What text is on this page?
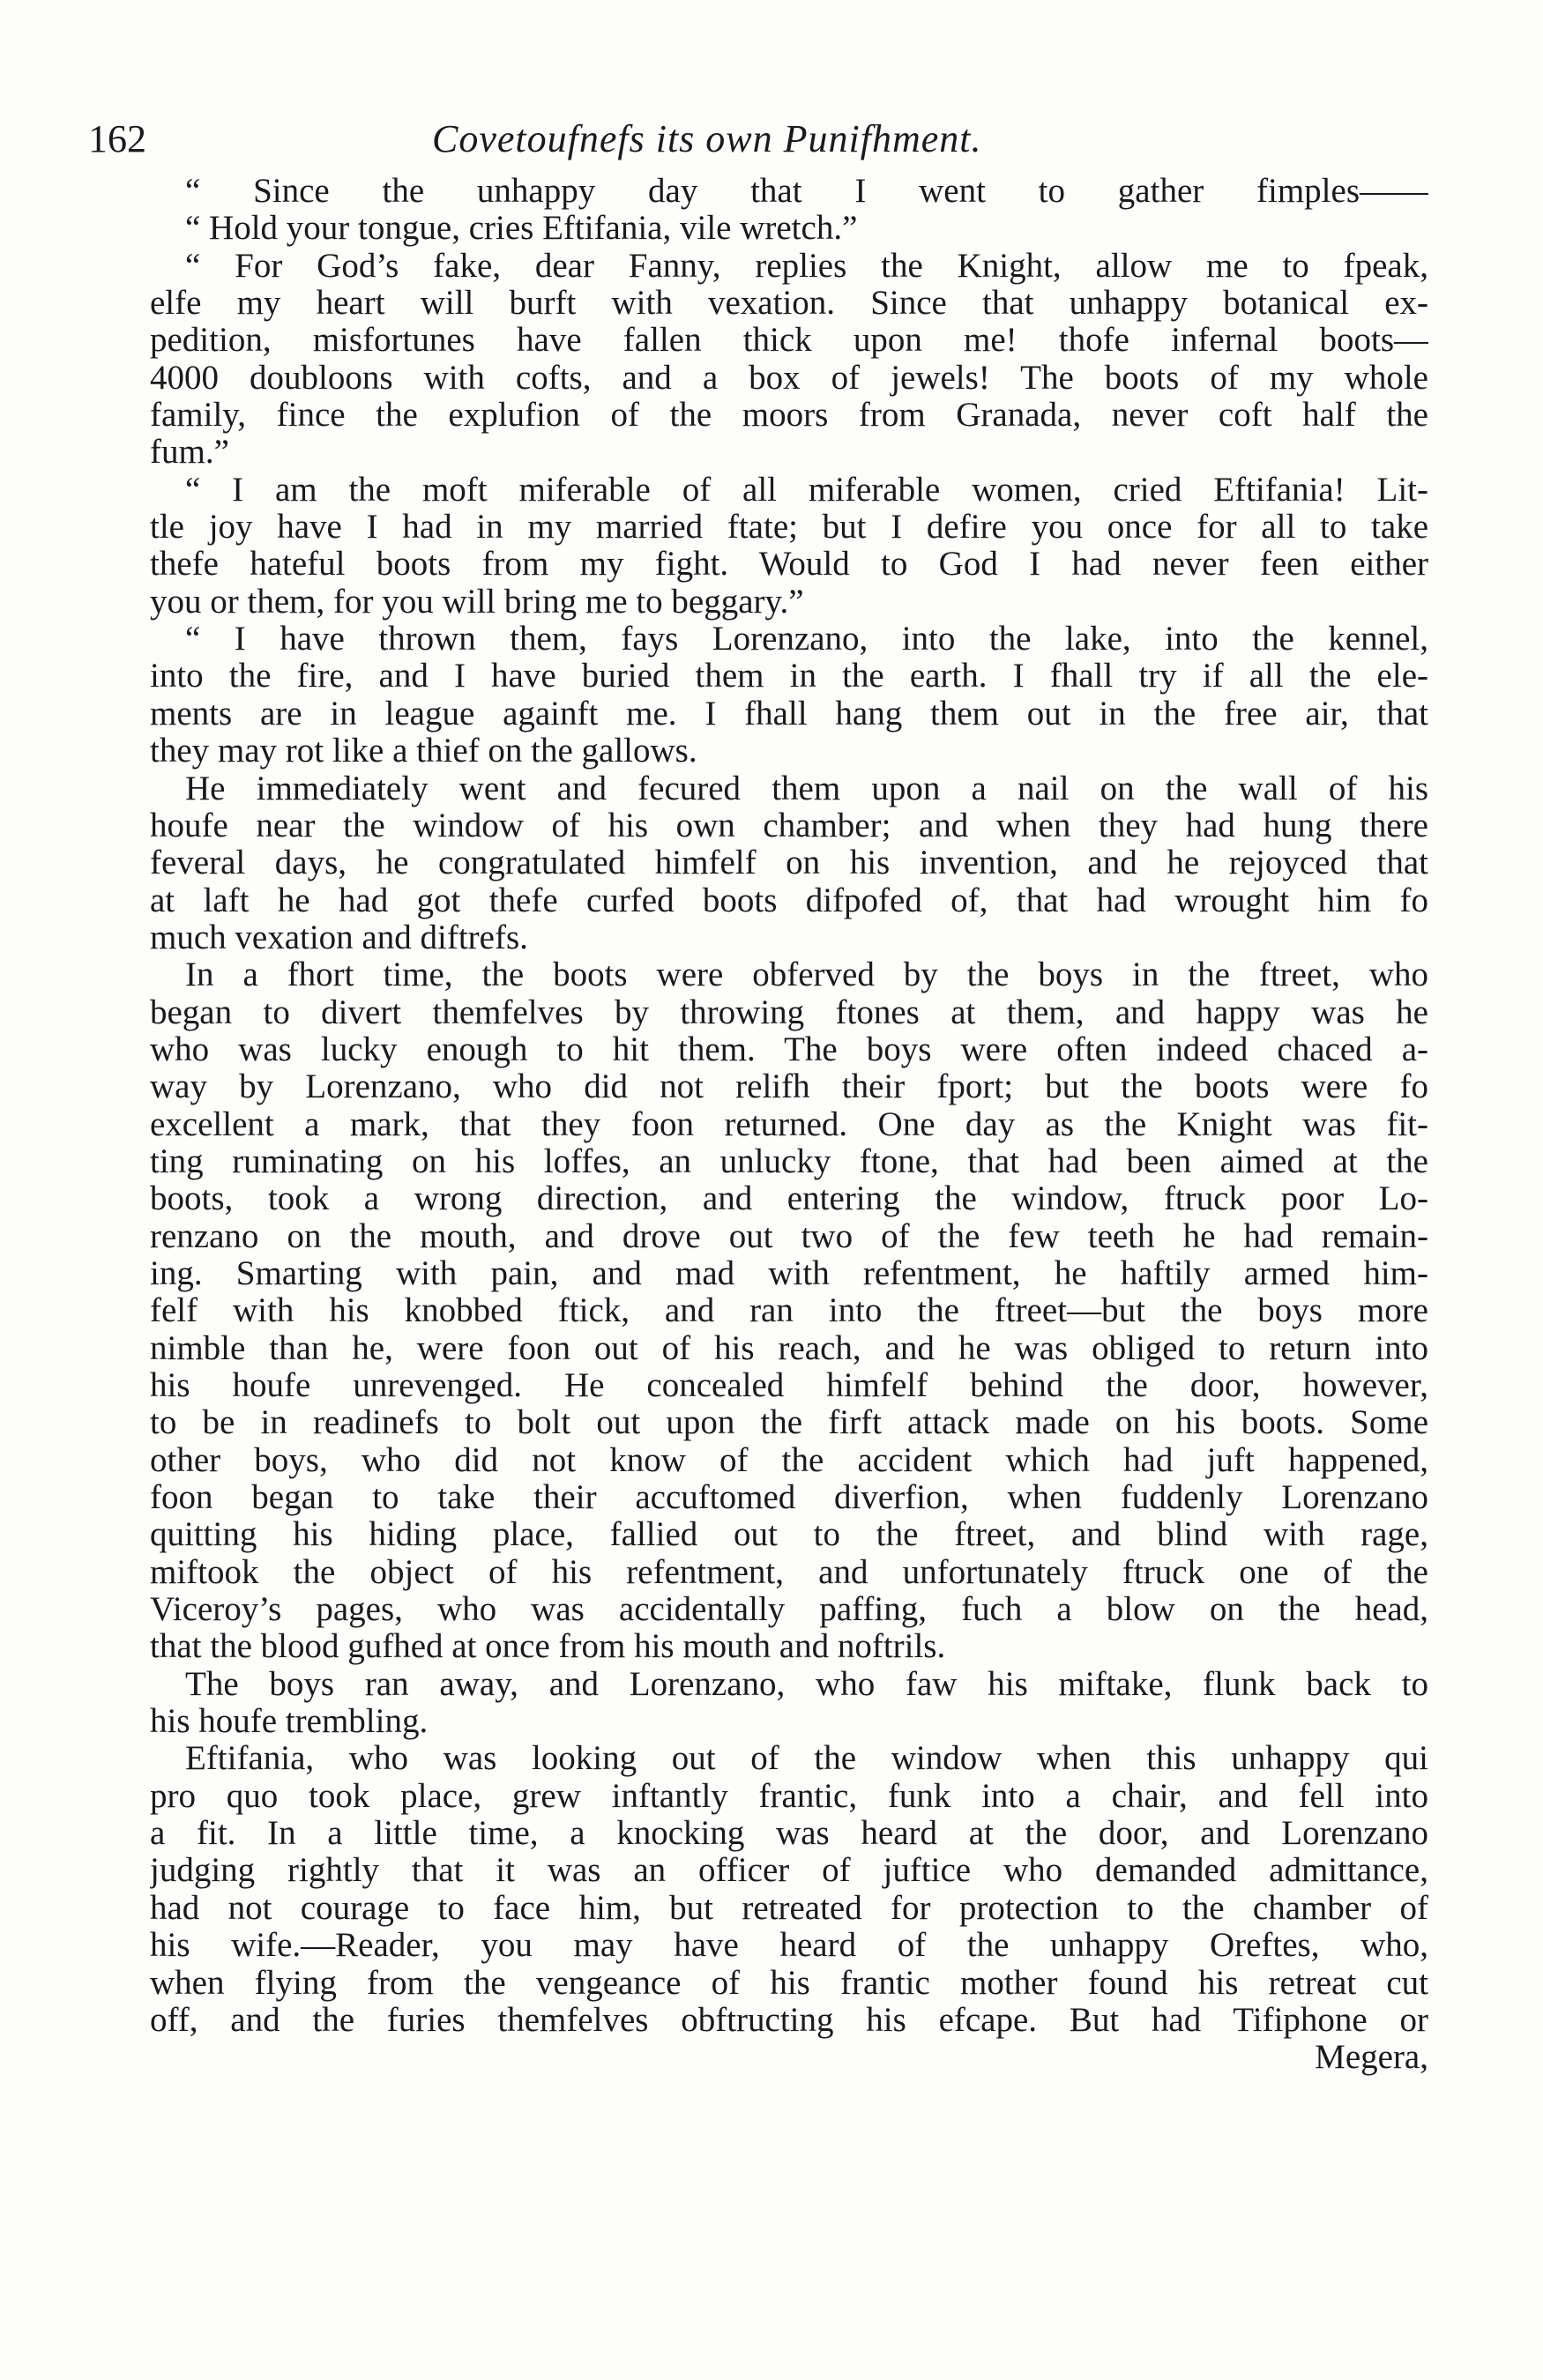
162	Covetoufnefs its own Punifhment.
“ Since the unhappy day that I went to gather fimples——
“ Hold your tongue, cries Eftifania, vile wretch.”
“ For God’s fake, dear Fanny, replies the Knight, allow me to fpeak,
elfe my heart will burft with vexation. Since that unhappy botanical ex-
pedition, misfortunes have fallen thick upon me! thofe infernal boots—
4000 doubloons with cofts, and a box of jewels! The boots of my whole
family, fince the explufion of the moors from Granada, never coft half the
fum.”
“ I am the moft miferable of all miferable women, cried Eftifania! Lit-
tle joy have I had in my married ftate; but I defire you once for all to take
thefe hateful boots from my fight. Would to God I had never feen either
you or them, for you will bring me to beggary.”
“ I have thrown them, fays Lorenzano, into the lake, into the kennel,
into the fire, and I have buried them in the earth. I fhall try if all the ele-
ments are in league againft me. I fhall hang them out in the free air, that
they may rot like a thief on the gallows.
He immediately went and fecured them upon a nail on the wall of his
houfe near the window of his own chamber; and when they had hung there
feveral days, he congratulated himfelf on his invention, and he rejoyced that
at laft he had got thefe curfed boots difpofed of, that had wrought him fo
much vexation and diftrefs.
In a fhort time, the boots were obferved by the boys in the ftreet, who
began to divert themfelves by throwing ftones at them, and happy was he
who was lucky enough to hit them. The boys were often indeed chaced a-
way by Lorenzano, who did not relifh their fport; but the boots were fo
excellent a mark, that they foon returned. One day as the Knight was fit-
ting ruminating on his loffes, an unlucky ftone, that had been aimed at the
boots, took a wrong direction, and entering the window, ftruck poor Lo-
renzano on the mouth, and drove out two of the few teeth he had remain-
ing. Smarting with pain, and mad with refentment, he haftily armed him-
felf with his knobbed ftick, and ran into the ftreet—but the boys more
nimble than he, were foon out of his reach, and he was obliged to return into
his houfe unrevenged. He concealed himfelf behind the door, however,
to be in readinefs to bolt out upon the firft attack made on his boots. Some
other boys, who did not know of the accident which had juft happened,
foon began to take their accuftomed diverfion, when fuddenly Lorenzano
quitting his hiding place, fallied out to the ftreet, and blind with rage,
miftook the object of his refentment, and unfortunately ftruck one of the
Viceroy’s pages, who was accidentally paffing, fuch a blow on the head,
that the blood gufhed at once from his mouth and noftrils.
The boys ran away, and Lorenzano, who faw his miftake, flunk back to
his houfe trembling.
Eftifania, who was looking out of the window when this unhappy qui
pro quo took place, grew inftantly frantic, funk into a chair, and fell into
a fit. In a little time, a knocking was heard at the door, and Lorenzano
judging rightly that it was an officer of juftice who demanded admittance,
had not courage to face him, but retreated for protection to the chamber of
his wife.—Reader, you may have heard of the unhappy Oreftes, who,
when flying from the vengeance of his frantic mother found his retreat cut
off, and the furies themfelves obftructing his efcape. But had Tifiphone or
Megera,
